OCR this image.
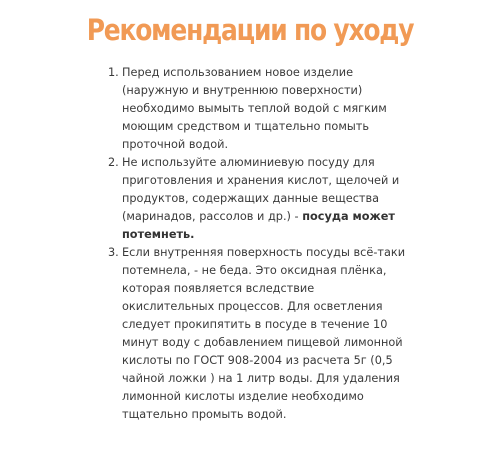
Рекомендации по уходу
1. Перед использованием новое изделие (наружную и внутреннюю поверхности) необходимо вымыть теплой водой с мягким моющим средством и тщательно помыть проточной водой.
2. Не используйте алюминиевую посуду для приготовления и хранения кислот, щелочей и продуктов, содержащих данные вещества (маринадов, рассолов и др.) - посуда может потемнеть.
3. Если внутренняя поверхность посуды всё-таки потемнела, - не беда. Это оксидная плёнка, которая появляется вследствие окислительных процессов. Для осветления следует прокипятить в посуде в течение 10 минут воду с добавлением пищевой лимонной кислоты по ГОСТ 908-2004 из расчета 5г (0,5 чайной ложки ) на 1 литр воды. Для удаления лимонной кислоты изделие необходимо тщательно промыть водой.
